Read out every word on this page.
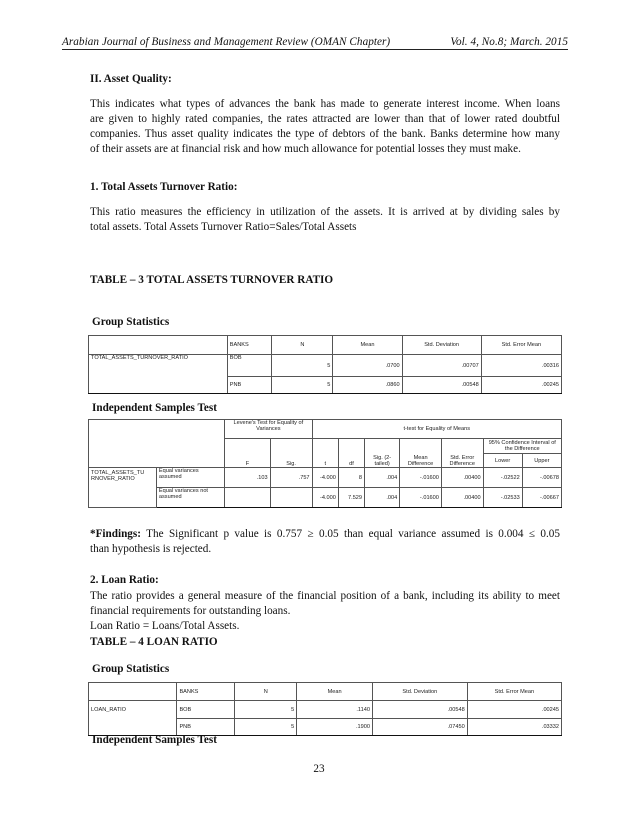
Arabian Journal of Business and Management Review (OMAN Chapter)	Vol. 4, No.8; March. 2015
II. Asset Quality:
This indicates what types of advances the bank has made to generate interest income. When loans
are given to highly rated companies, the rates attracted are lower than that of lower rated doubtful
companies. Thus asset quality indicates the type of debtors of the bank. Banks determine how many
of their assets are at financial risk and how much allowance for potential losses they must make.
1. Total Assets Turnover Ratio:
This ratio measures the efficiency in utilization of the assets. It is arrived at by dividing sales by
total assets. Total Assets Turnover Ratio=Sales/Total Assets
TABLE – 3 TOTAL ASSETS TURNOVER RATIO
Group Statistics
	BANKS	N	Mean	Std. Deviation	Std. Error Mean
TOTAL_ASSETS_TURNOVER_RATIO	BOB	5	.0700	.00707	.00316
	PNB	5	.0860	.00548	.00245
Independent Samples Test
		Levene's Test for Equality of Variances		t-test for Equality of Means						
		F	Sig.	t	df	Sig. (2-tailed)	Mean Difference	Std. Error Difference	95% Confidence Interval of the Difference	
									Lower	Upper

TOTAL_ASSETS_TU
RNOVER_RATIO	Equal variances assumed	.103	.757	-4.000	8	.004	-.01600	.00400	-.02522	-.00678
	Equal variances not assumed			-4.000	7.529	.004	-.01600	.00400	-.02533	-.00667
*Findings: The Significant p value is 0.757 ≥ 0.05 than equal variance assumed is 0.004 ≤ 0.05
than hypothesis is rejected.
2. Loan Ratio:
The ratio provides a general measure of the financial position of a bank, including its ability to meet
financial requirements for outstanding loans.
Loan Ratio = Loans/Total Assets.
TABLE – 4 LOAN RATIO
Group Statistics
	BANKS	N	Mean	Std. Deviation	Std. Error Mean
LOAN_RATIO	BOB	5	.1140	.00548	.00245
	PNB	5	.1900	.07450	.03332
Independent Samples Test
23
